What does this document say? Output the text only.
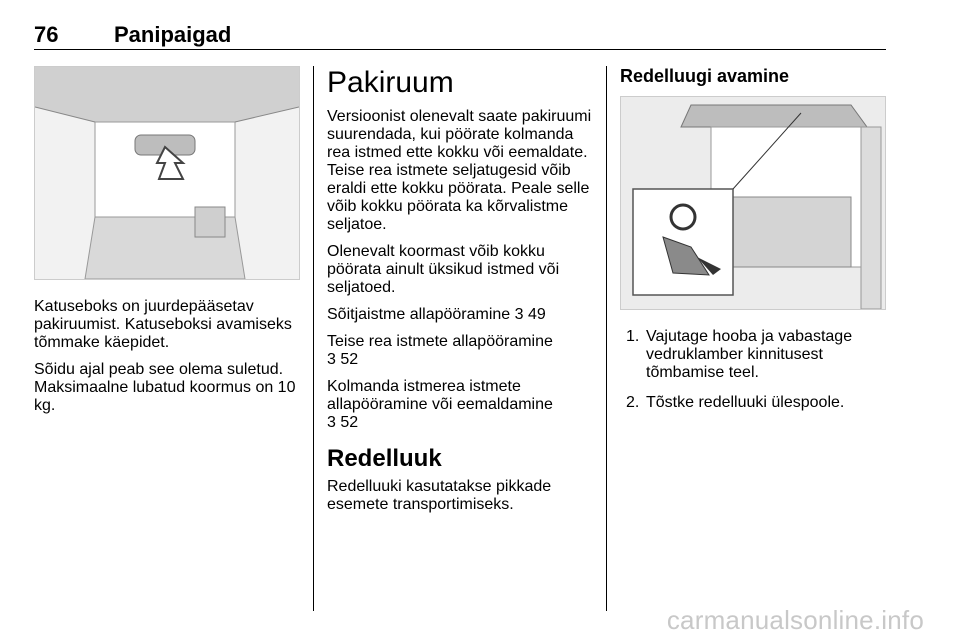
76	Panipaigad

Katuseboks on juurdepääsetav pakiruumist. Katuseboksi avamiseks tõmmake käepidet.

Sõidu ajal peab see olema suletud. Maksimaalne lubatud koormus on 10 kg.

Pakiruum

Versioonist olenevalt saate pakiruumi suurendada, kui pöörate kolmanda rea istmed ette kokku või eemaldate. Teise rea istmete seljatugesid võib eraldi ette kokku pöörata. Peale selle võib kokku pöörata ka kõrvalistme seljatoe.

Olenevalt koormast võib kokku pöörata ainult üksikud istmed või seljatoed.

Sõitjaistme allapööramine 3 49

Teise rea istmete allapööramine
3 52

Kolmanda istmerea istmete allapööramine või eemaldamine
3 52

Redelluuk

Redelluuki kasutatakse pikkade esemete transportimiseks.

Redelluugi avamine
1. Vajutage hooba ja vabastage vedruklamber kinnitusest tõmbamise teel.
2. Tõstke redelluuki ülespoole.
carmanualsonline.info
